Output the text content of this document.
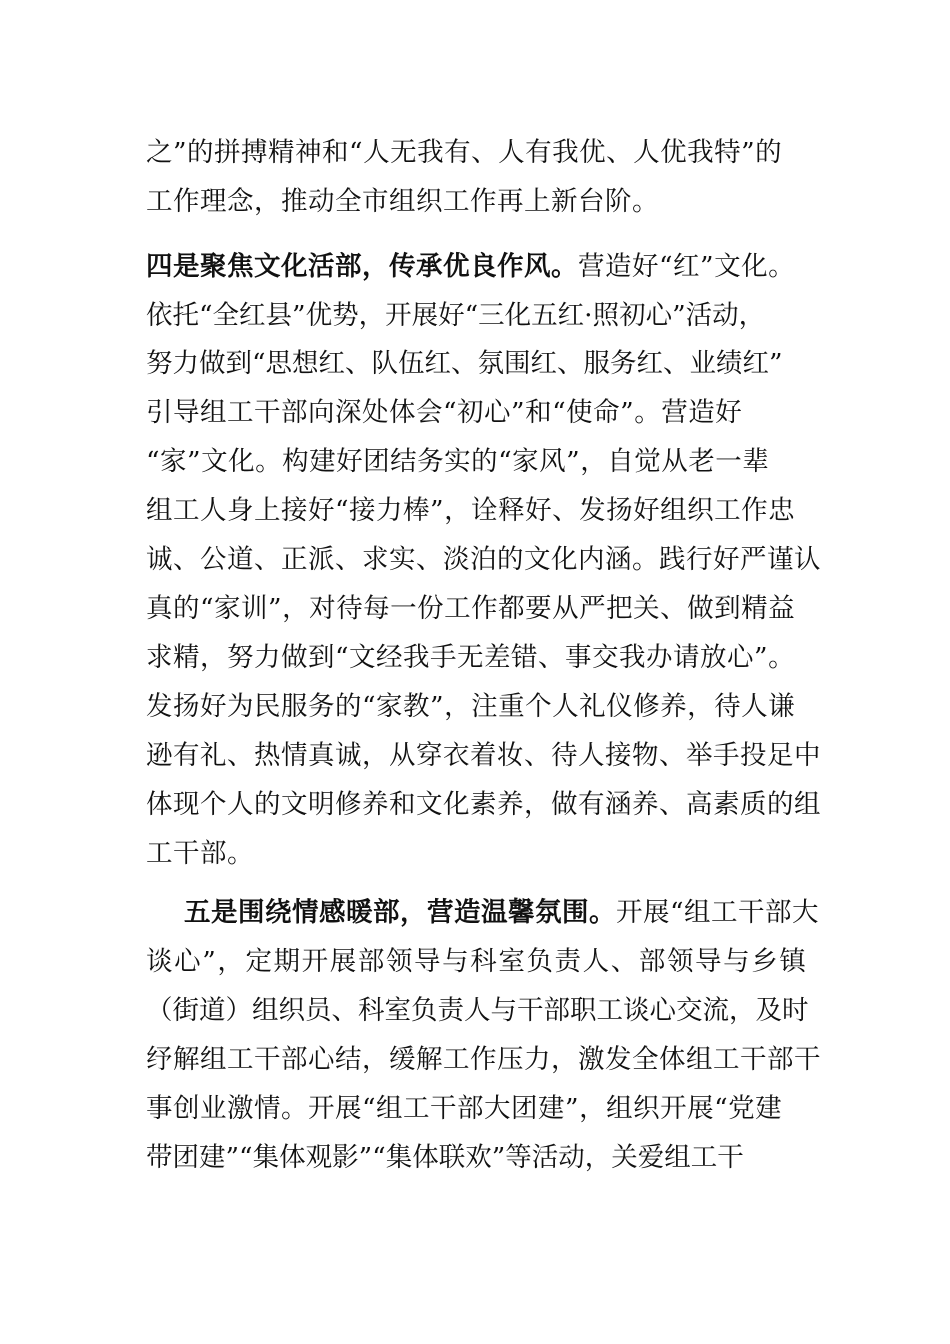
之”的拼搏精神和“人无我有、人有我优、人优我特”的
工作理念，推动全市组织工作再上新台阶。
四是聚焦文化活部，传承优良作风。营造好“红”文化。
依托“全红县”优势，开展好“三化五红·照初心”活动，
努力做到“思想红、队伍红、氛围红、服务红、业绩红”
引导组工干部向深处体会“初心”和“使命”。营造好
“家”文化。构建好团结务实的“家风”，自觉从老一辈
组工人身上接好“接力棒”，诠释好、发扬好组织工作忠
诚、公道、正派、求实、淡泊的文化内涵。践行好严谨认
真的“家训”，对待每一份工作都要从严把关、做到精益
求精，努力做到“文经我手无差错、事交我办请放心”。
发扬好为民服务的“家教”，注重个人礼仪修养，待人谦
逊有礼、热情真诚，从穿衣着妆、待人接物、举手投足中
体现个人的文明修养和文化素养，做有涵养、高素质的组
工干部。
五是围绕情感暖部，营造温馨氛围。开展“组工干部大
谈心”，定期开展部领导与科室负责人、部领导与乡镇
（街道）组织员、科室负责人与干部职工谈心交流，及时
纾解组工干部心结，缓解工作压力，激发全体组工干部干
事创业激情。开展“组工干部大团建”，组织开展“党建
带团建”“集体观影”“集体联欢”等活动，关爱组工干
